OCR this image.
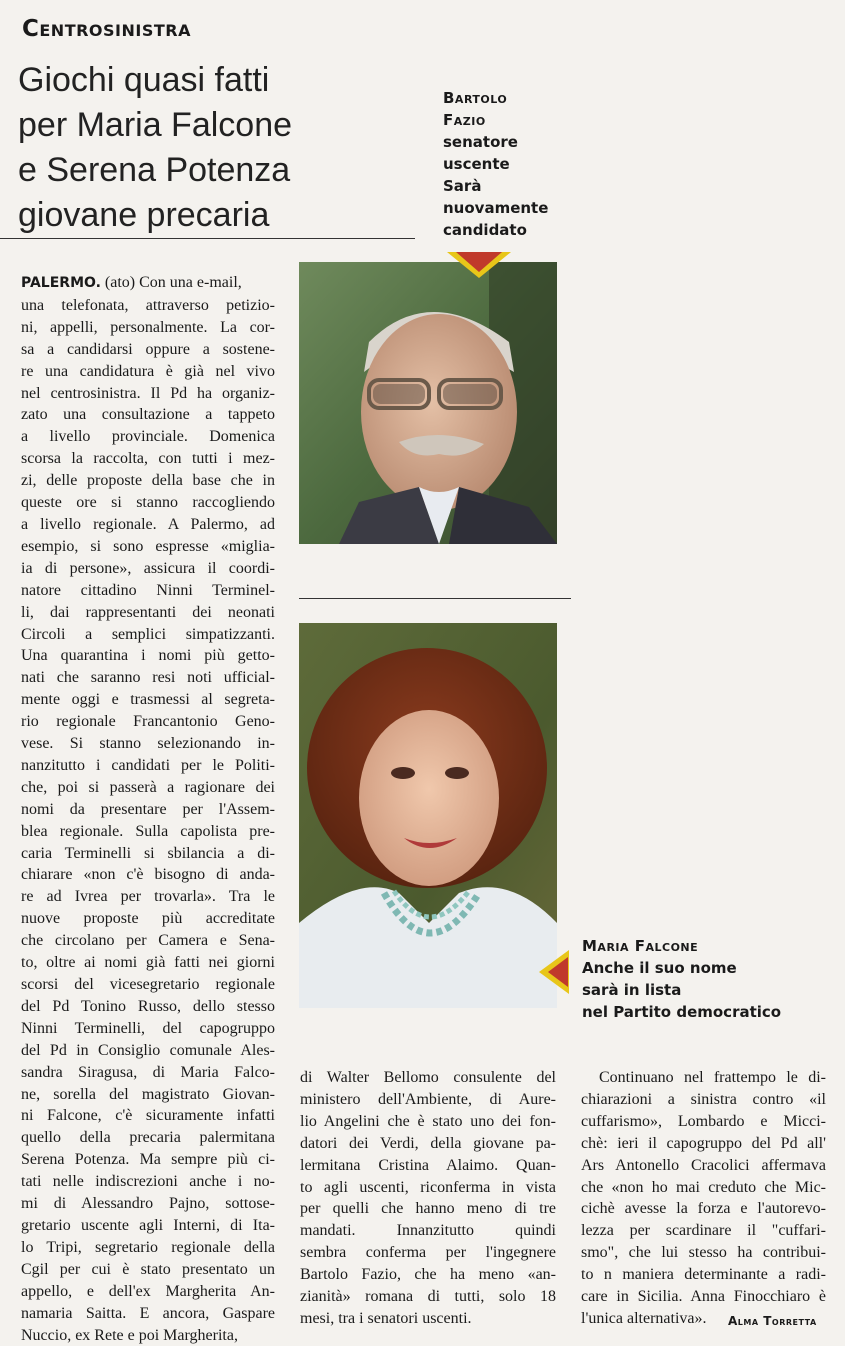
Centrosinistra
Giochi quasi fatti
per Maria Falcone
e Serena Potenza
giovane precaria
Bartolo
Fazio
senatore
uscente
Sarà
nuovamente
candidato
Maria Falcone
Anche il suo nome
sarà in lista
nel Partito democratico
PALERMO. (ato) Con una e-mail,
una telefonata, attraverso petizio-
ni, appelli, personalmente. La cor-
sa a candidarsi oppure a sostene-
re una candidatura è già nel vivo
nel centrosinistra. Il Pd ha organiz-
zato una consultazione a tappeto
a livello provinciale. Domenica
scorsa la raccolta, con tutti i mez-
zi, delle proposte della base che in
queste ore si stanno raccogliendo
a livello regionale. A Palermo, ad
esempio, si sono espresse «miglia-
ia di persone», assicura il coordi-
natore cittadino Ninni Terminel-
li, dai rappresentanti dei neonati
Circoli a semplici simpatizzanti.
Una quarantina i nomi più getto-
nati che saranno resi noti ufficial-
mente oggi e trasmessi al segreta-
rio regionale Francantonio Geno-
vese. Si stanno selezionando in-
nanzitutto i candidati per le Politi-
che, poi si passerà a ragionare dei
nomi da presentare per l'Assem-
blea regionale. Sulla capolista pre-
caria Terminelli si sbilancia a di-
chiarare «non c'è bisogno di anda-
re ad Ivrea per trovarla». Tra le
nuove proposte più accreditate
che circolano per Camera e Sena-
to, oltre ai nomi già fatti nei giorni
scorsi del vicesegretario regionale
del Pd Tonino Russo, dello stesso
Ninni Terminelli, del capogruppo
del Pd in Consiglio comunale Ales-
sandra Siragusa, di Maria Falco-
ne, sorella del magistrato Giovan-
ni Falcone, c'è sicuramente infatti
quello della precaria palermitana
Serena Potenza. Ma sempre più ci-
tati nelle indiscrezioni anche i no-
mi di Alessandro Pajno, sottose-
gretario uscente agli Interni, di Ita-
lo Tripi, segretario regionale della
Cgil per cui è stato presentato un
appello, e dell'ex Margherita An-
namaria Saitta. E ancora, Gaspare
Nuccio, ex Rete e poi Margherita,
di Walter Bellomo consulente del
ministero dell'Ambiente, di Aure-
lio Angelini che è stato uno dei fon-
datori dei Verdi, della giovane pa-
lermitana Cristina Alaimo. Quan-
to agli uscenti, riconferma in vista
per quelli che hanno meno di tre
mandati. Innanzitutto quindi
sembra conferma per l'ingegnere
Bartolo Fazio, che ha meno «an-
zianità» romana di tutti, solo 18
mesi, tra i senatori uscenti.
Continuano nel frattempo le di-
chiarazioni a sinistra contro «il
cuffarismo», Lombardo e Micci-
chè: ieri il capogruppo del Pd all'
Ars Antonello Cracolici affermava
che «non ho mai creduto che Mic-
cichè avesse la forza e l'autorevo-
lezza per scardinare il "cuffari-
smo", che lui stesso ha contribui-
to n maniera determinante a radi-
care in Sicilia. Anna Finocchiaro è
l'unica alternativa».	Alma Torretta
